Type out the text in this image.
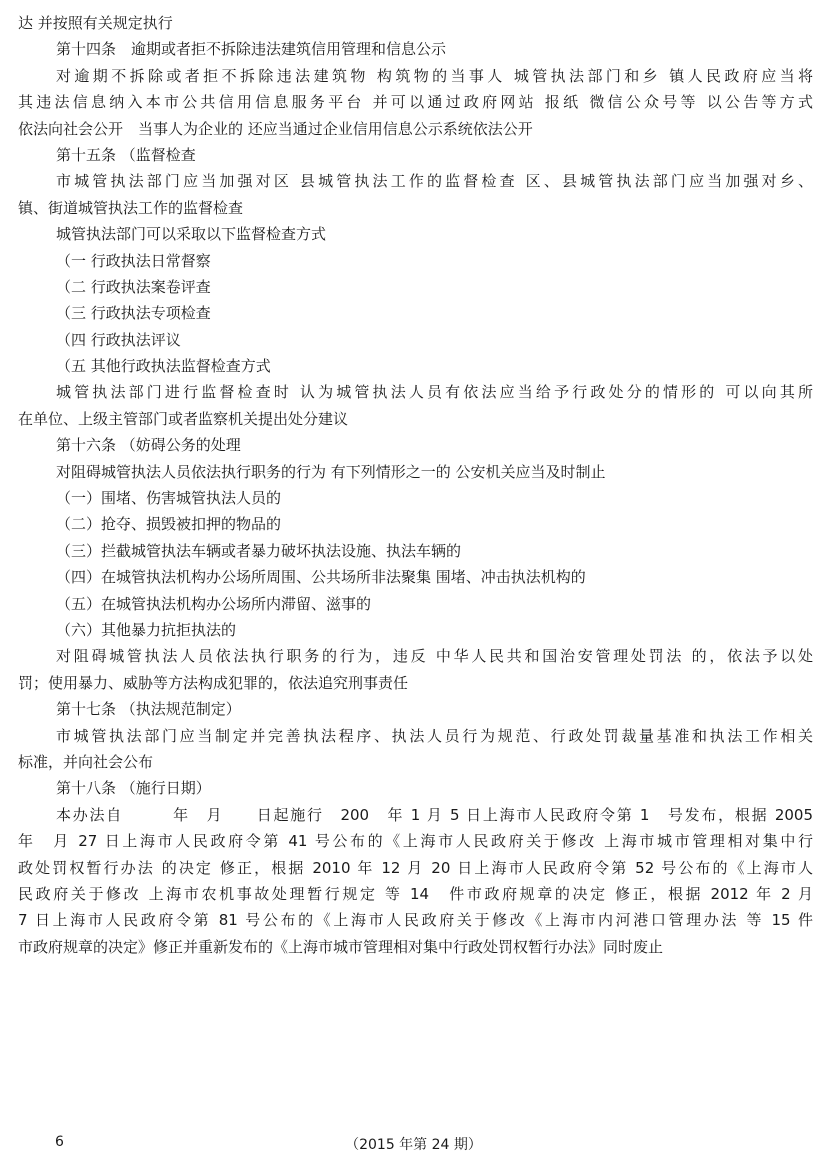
达 并按照有关规定执行
第十四条　逾期或者拒不拆除违法建筑信用管理和信息公示
对逾期不拆除或者拒不拆除违法建筑物 构筑物的当事人 城管执法部门和乡 镇人民政府应当将
其违法信息纳入本市公共信用信息服务平台 并可以通过政府网站 报纸 微信公众号等 以公告等方式
依法向社会公开　当事人为企业的 还应当通过企业信用信息公示系统依法公开
第十五条 （监督检查
市城管执法部门应当加强对区 县城管执法工作的监督检查 区、县城管执法部门应当加强对乡、
镇、街道城管执法工作的监督检查
城管执法部门可以采取以下监督检查方式
（一 行政执法日常督察
（二 行政执法案卷评查
（三 行政执法专项检查
（四 行政执法评议
（五 其他行政执法监督检查方式
城管执法部门进行监督检查时 认为城管执法人员有依法应当给予行政处分的情形的 可以向其所
在单位、上级主管部门或者监察机关提出处分建议
第十六条 （妨碍公务的处理
对阻碍城管执法人员依法执行职务的行为 有下列情形之一的 公安机关应当及时制止
（一）围堵、伤害城管执法人员的
（二）抢夺、损毁被扣押的物品的
（三）拦截城管执法车辆或者暴力破坏执法设施、执法车辆的
（四）在城管执法机构办公场所周围、公共场所非法聚集 围堵、冲击执法机构的
（五）在城管执法机构办公场所内滞留、滋事的
（六）其他暴力抗拒执法的
对阻碍城管执法人员依法执行职务的行为，违反 中华人民共和国治安管理处罚法 的，依法予以处
罚；使用暴力、威胁等方法构成犯罪的，依法追究刑事责任
第十七条 （执法规范制定）
市城管执法部门应当制定并完善执法程序、执法人员行为规范、行政处罚裁量基准和执法工作相关
标准，并向社会公布
第十八条 （施行日期）
本办法自　　　年　月　　日起施行　200　年 1 月 5 日上海市人民政府令第 1　号发布，根据 2005
年　月 27 日上海市人民政府令第 41 号公布的《上海市人民政府关于修改 上海市城市管理相对集中行
政处罚权暂行办法 的决定 修正，根据 2010 年 12 月 20 日上海市人民政府令第 52 号公布的《上海市人
民政府关于修改 上海市农机事故处理暂行规定 等 14　件市政府规章的决定 修正，根据 2012 年 2 月
7 日上海市人民政府令第 81 号公布的《上海市人民政府关于修改《上海市内河港口管理办法 等 15 件
市政府规章的决定》修正并重新发布的《上海市城市管理相对集中行政处罚权暂行办法》同时废止
6	（2015 年第 24 期）
